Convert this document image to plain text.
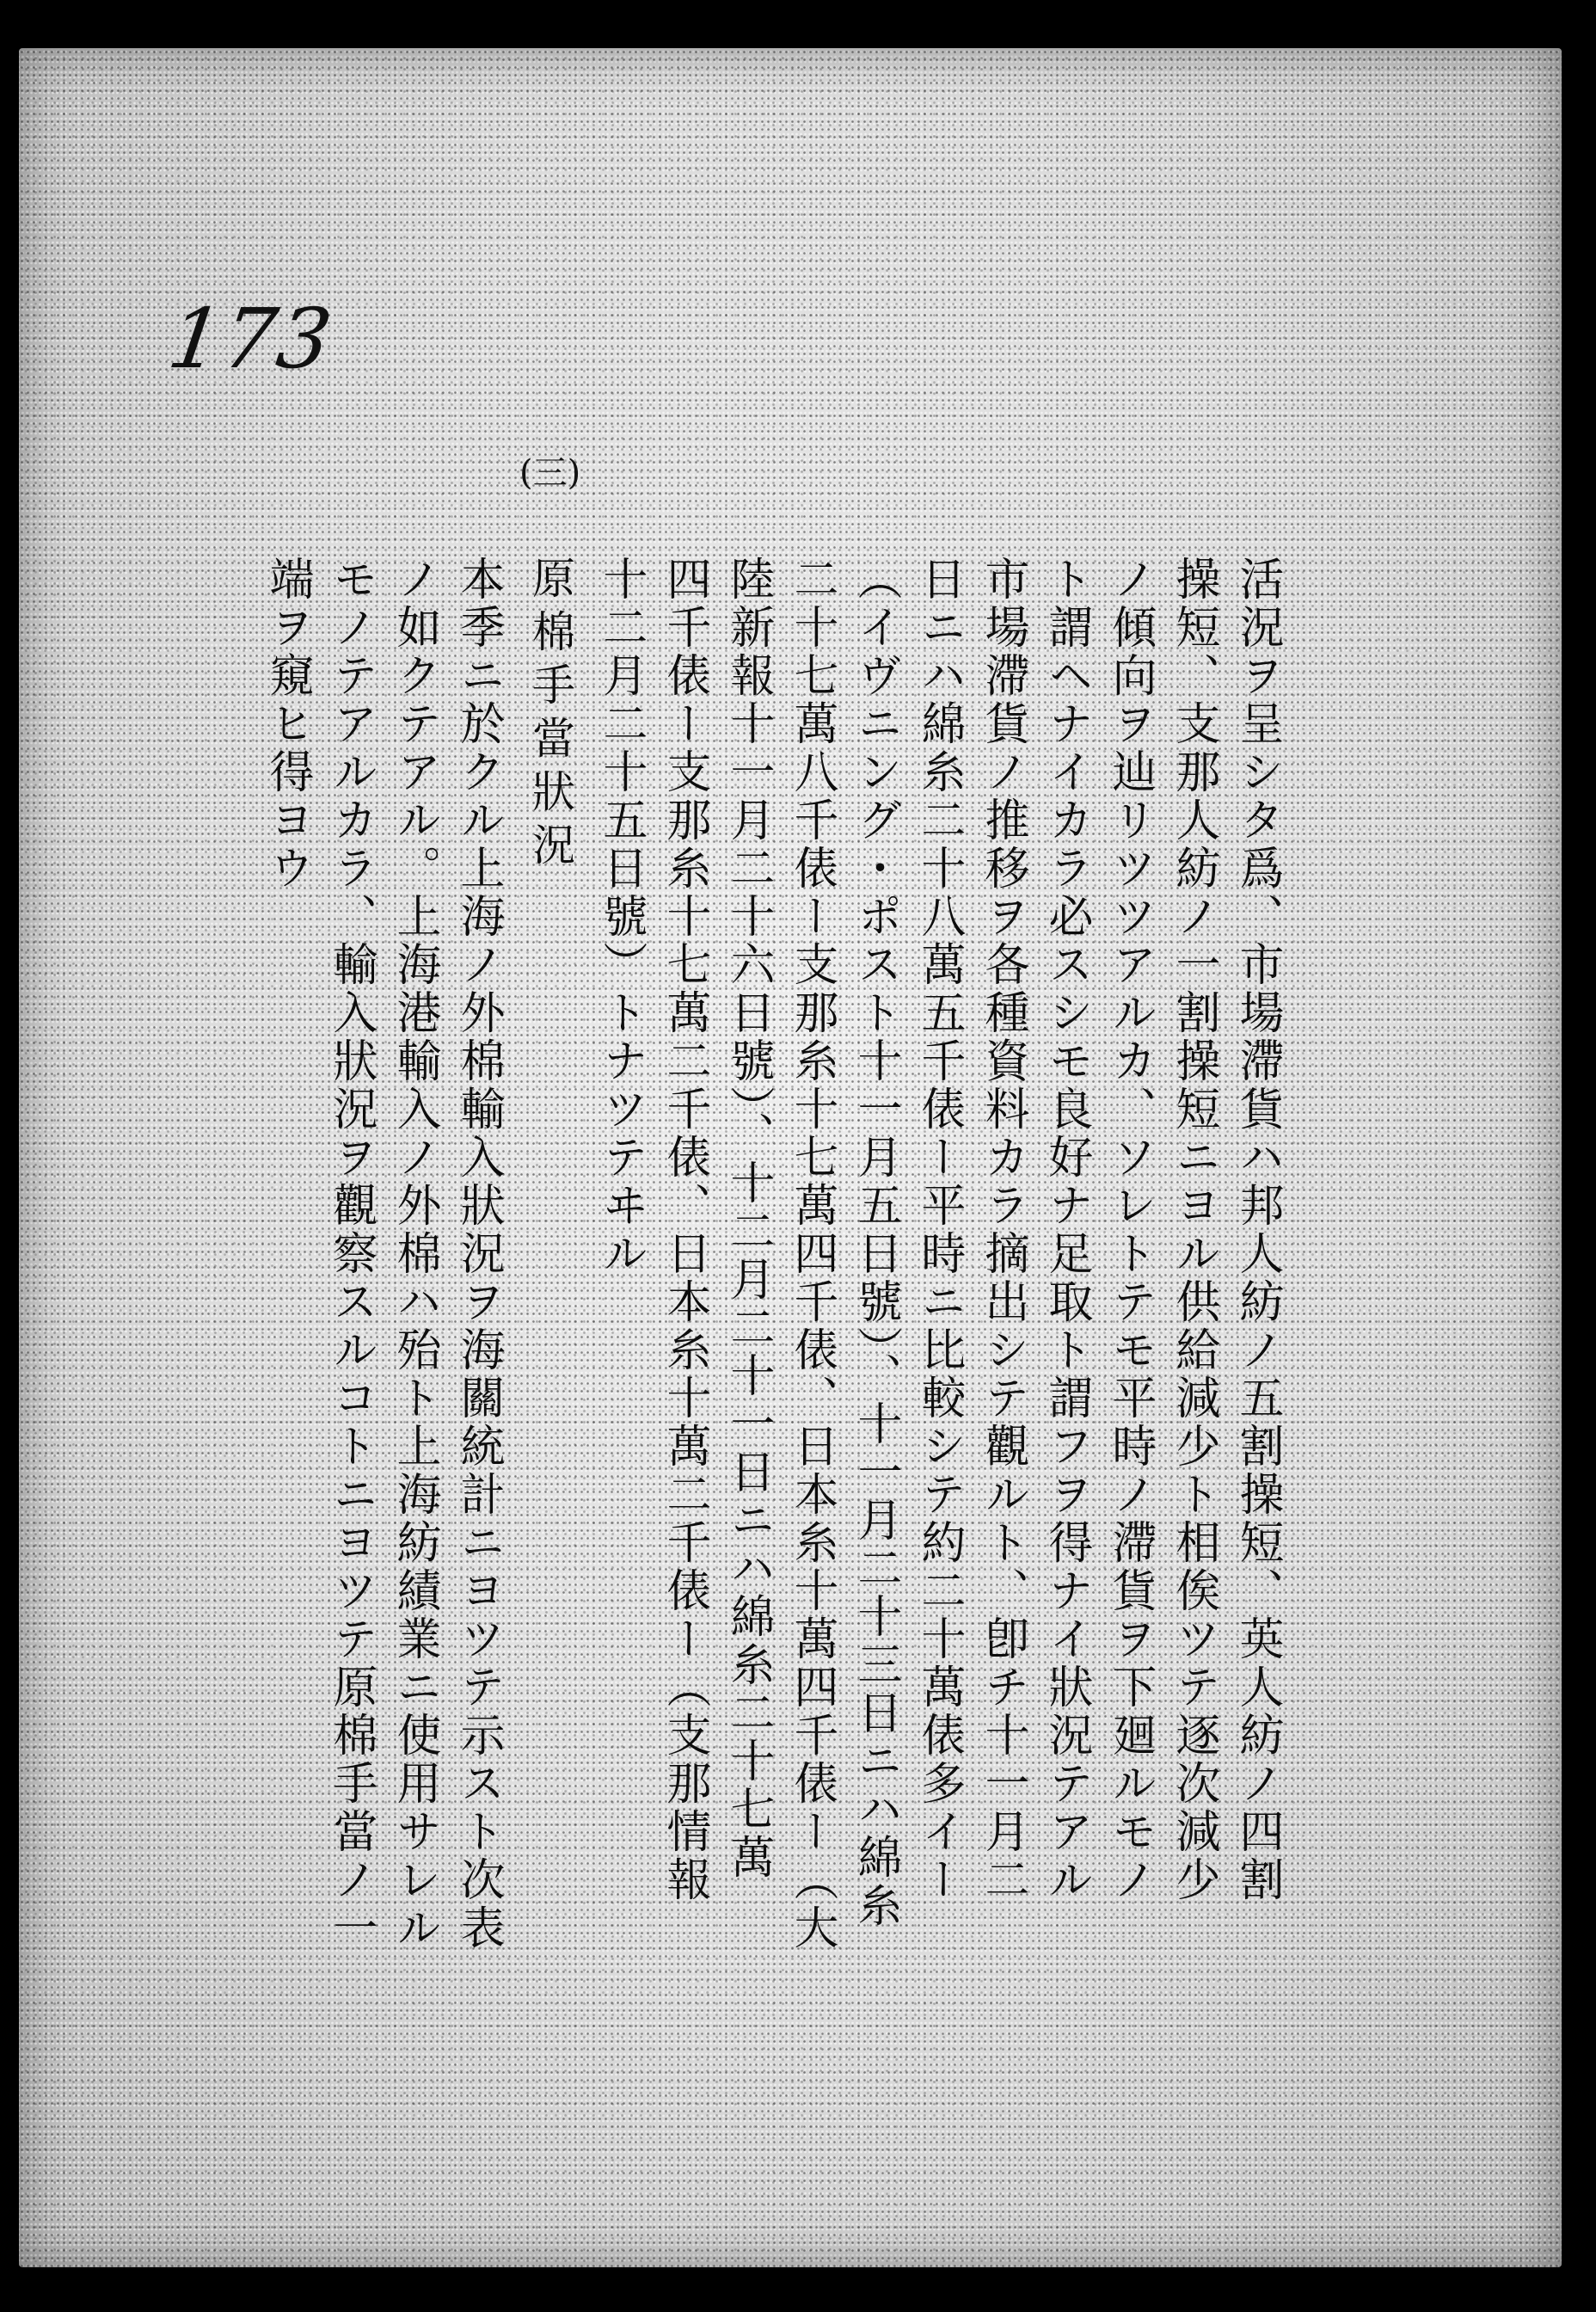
173
(三)
活況ヲ呈シタ爲、市場滯貨ハ邦人紡ノ五割操短、英人紡ノ四割
操短、支那人紡ノ一割操短ニヨル供給減少ト相俟ツテ逐次減少
ノ傾向ヲ辿リツツアルカ、ソレトテモ平時ノ滯貨ヲ下廻ルモノ
ト謂ヘナイカラ必スシモ良好ナ足取ト謂フヲ得ナイ狀況テアル
市場滯貨ノ推移ヲ各種資料カラ摘出シテ觀ルト、卽チ十一月二
日ニハ綿糸二十八萬五千俵ー平時ニ比較シテ約二十萬俵多イー
（イヴニング・ポスト十一月五日號）、十一月二十三日ニハ綿糸
二十七萬八千俵ー支那糸十七萬四千俵、日本糸十萬四千俵ー（大
陸新報十一月二十六日號）、十二月二十一日ニハ綿糸二十七萬
四千俵ー支那糸十七萬二千俵、日本糸十萬二千俵ー（支那情報
十二月二十五日號）トナツテヰル
原棉手當狀況
本季ニ於クル上海ノ外棉輸入狀況ヲ海關統計ニヨツテ示スト次表
ノ如クテアル。上海港輸入ノ外棉ハ殆ト上海紡績業ニ使用サレル
モノテアルカラ、輸入狀況ヲ觀察スルコトニヨツテ原棉手當ノ一
端ヲ窺ヒ得ヨウ
